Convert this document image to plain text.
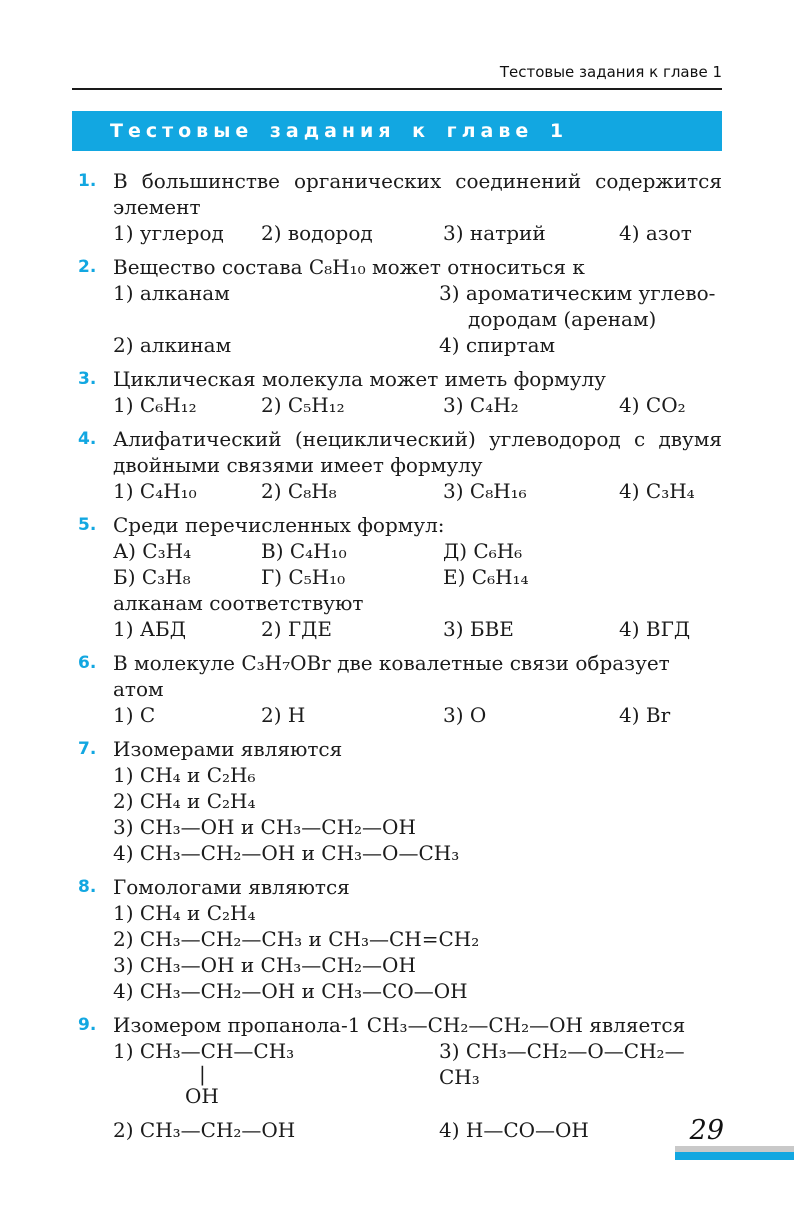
Тестовые задания к главе 1
Тестовые задания к главе 1
1. В большинстве органических соединений содержится
элемент
1) углерод	2) водород	3) натрий	4) азот
2. Вещество состава C₈H₁₀ может относиться к
1) алканам	3) ароматическим углево-
дородам (аренам)
2) алкинам	4) спиртам
3. Циклическая молекула может иметь формулу
1) C₆H₁₂	2) C₅H₁₂	3) C₄H₂	4) CO₂
4. Алифатический (нециклический) углеводород с двумя
двойными связями имеет формулу
1) C₄H₁₀	2) C₈H₈	3) C₈H₁₆	4) C₃H₄
5. Среди перечисленных формул:
А) C₃H₄	В) C₄H₁₀	Д) C₆H₆
Б) C₃H₈	Г) C₅H₁₀	Е) C₆H₁₄
алканам соответствуют
1) АБД	2) ГДЕ	3) БВЕ	4) ВГД
6. В молекуле C₃H₇OBr две ковалетные связи образует атом
1) C	2) H	3) O	4) Br
7. Изомерами являются
1) CH₄ и C₂H₆
2) CH₄ и C₂H₄
3) CH₃—OH и CH₃—CH₂—OH
4) CH₃—CH₂—OH и CH₃—O—CH₃
8. Гомологами являются
1) CH₄ и C₂H₄
2) CH₃—CH₂—CH₃ и CH₃—CH=CH₂
3) CH₃—OH и CH₃—CH₂—OH
4) CH₃—CH₂—OH и CH₃—CO—OH
9. Изомером пропанола-1 CH₃—CH₂—CH₂—OH является
1) CH₃—CH—CH₃
|
OH
3) CH₃—CH₂—O—CH₂—CH₃
2) CH₃—CH₂—OH	4) H—CO—OH	29
